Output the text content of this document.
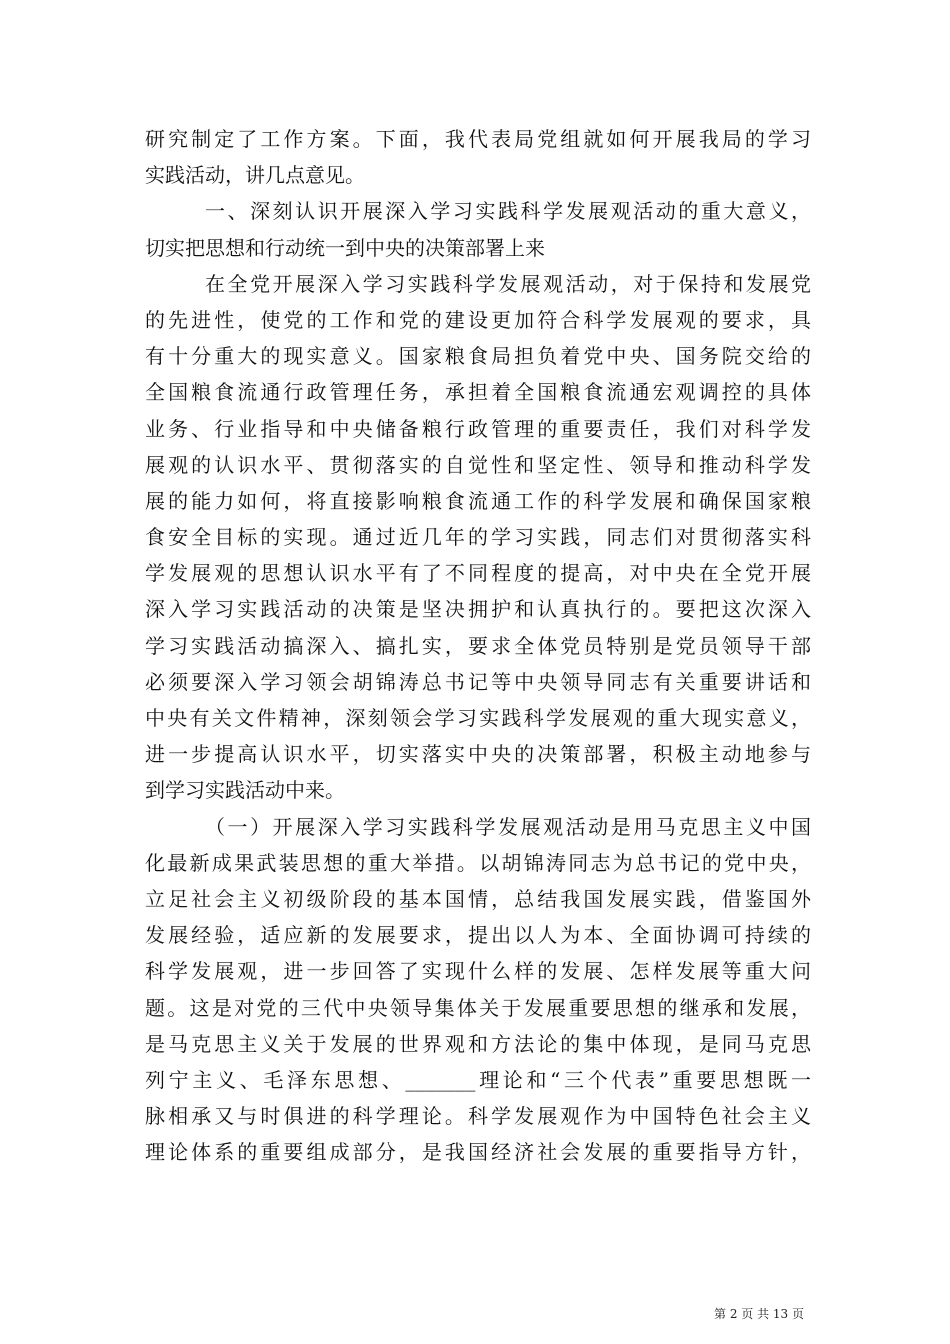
研究制定了工作方案。下面，我代表局党组就如何开展我局的学习
实践活动，讲几点意见。
一、深刻认识开展深入学习实践科学发展观活动的重大意义，
切实把思想和行动统一到中央的决策部署上来
在全党开展深入学习实践科学发展观活动，对于保持和发展党
的先进性，使党的工作和党的建设更加符合科学发展观的要求，具
有十分重大的现实意义。国家粮食局担负着党中央、国务院交给的
全国粮食流通行政管理任务，承担着全国粮食流通宏观调控的具体
业务、行业指导和中央储备粮行政管理的重要责任，我们对科学发
展观的认识水平、贯彻落实的自觉性和坚定性、领导和推动科学发
展的能力如何，将直接影响粮食流通工作的科学发展和确保国家粮
食安全目标的实现。通过近几年的学习实践，同志们对贯彻落实科
学发展观的思想认识水平有了不同程度的提高，对中央在全党开展
深入学习实践活动的决策是坚决拥护和认真执行的。要把这次深入
学习实践活动搞深入、搞扎实，要求全体党员特别是党员领导干部
必须要深入学习领会胡锦涛总书记等中央领导同志有关重要讲话和
中央有关文件精神，深刻领会学习实践科学发展观的重大现实意义，
进一步提高认识水平，切实落实中央的决策部署，积极主动地参与
到学习实践活动中来。
（一）开展深入学习实践科学发展观活动是用马克思主义中国
化最新成果武装思想的重大举措。以胡锦涛同志为总书记的党中央，
立足社会主义初级阶段的基本国情，总结我国发展实践，借鉴国外
发展经验，适应新的发展要求，提出以人为本、全面协调可持续的
科学发展观，进一步回答了实现什么样的发展、怎样发展等重大问
题。这是对党的三代中央领导集体关于发展重要思想的继承和发展，
是马克思主义关于发展的世界观和方法论的集中体现，是同马克思
列宁主义、毛泽东思想、_______理论和“三个代表”重要思想既一
脉相承又与时俱进的科学理论。科学发展观作为中国特色社会主义
理论体系的重要组成部分，是我国经济社会发展的重要指导方针，
第 2 页 共 13 页
